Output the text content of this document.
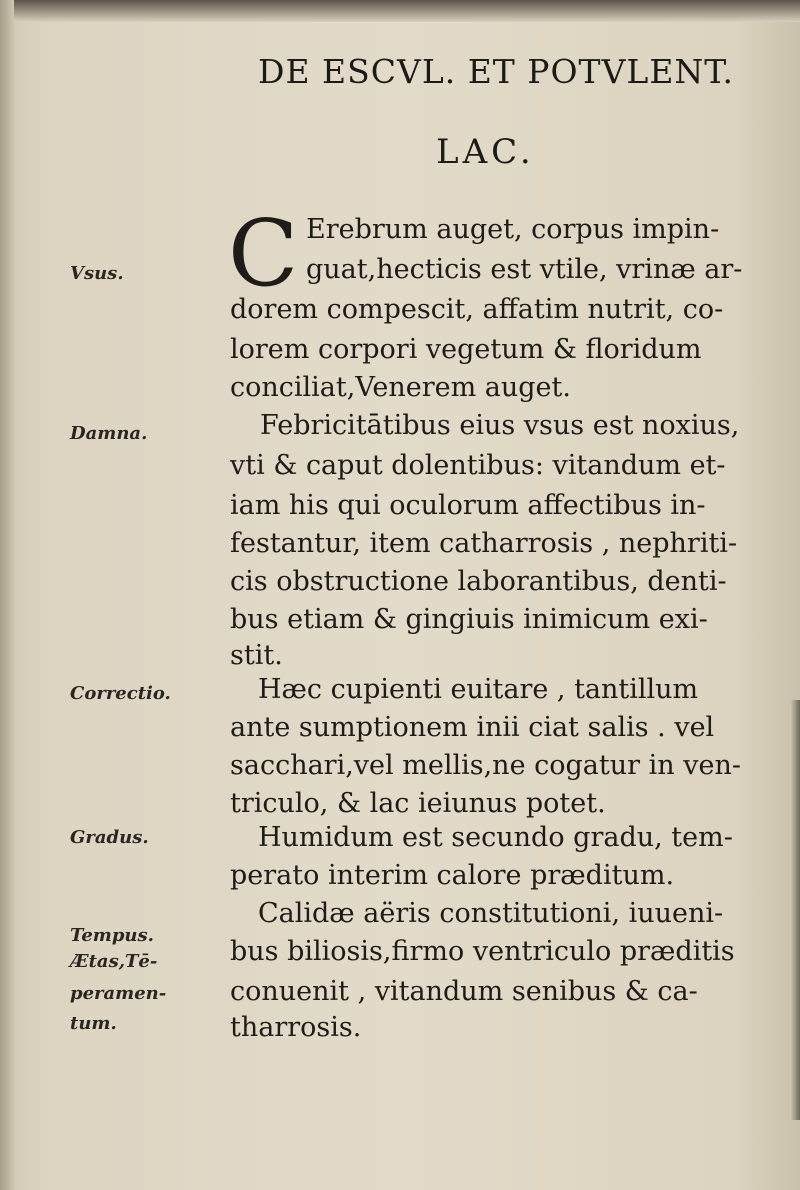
DE ESCVL. ET POTVLENT.
LAC.
Vsus.
Damna.
Correctio.
Gradus.
Tempus.
Ætas,Tē-
peramen-
tum.
C Erebrum auget, corpus impin-
guat,hecticis est vtile, vrinæ ar-
dorem compescit, affatim nutrit, co-
lorem corpori vegetum & floridum
conciliat,Venerem auget.
Febricitātibus eius vsus est noxius,
vti & caput dolentibus: vitandum et-
iam his qui oculorum affectibus in-
festantur, item catharrosis , nephriti-
cis obstructione laborantibus, denti-
bus etiam & gingiuis inimicum exi-
stit.
Hæc cupienti euitare , tantillum
ante sumptionem inii ciat salis . vel
sacchari,vel mellis,ne cogatur in ven-
triculo, & lac ieiunus potet.
Humidum est secundo gradu, tem-
perato interim calore præditum.
Calidæ aëris constitutioni, iuueni-
bus biliosis,firmo ventriculo præditis
conuenit , vitandum senibus & ca-
tharrosis.
